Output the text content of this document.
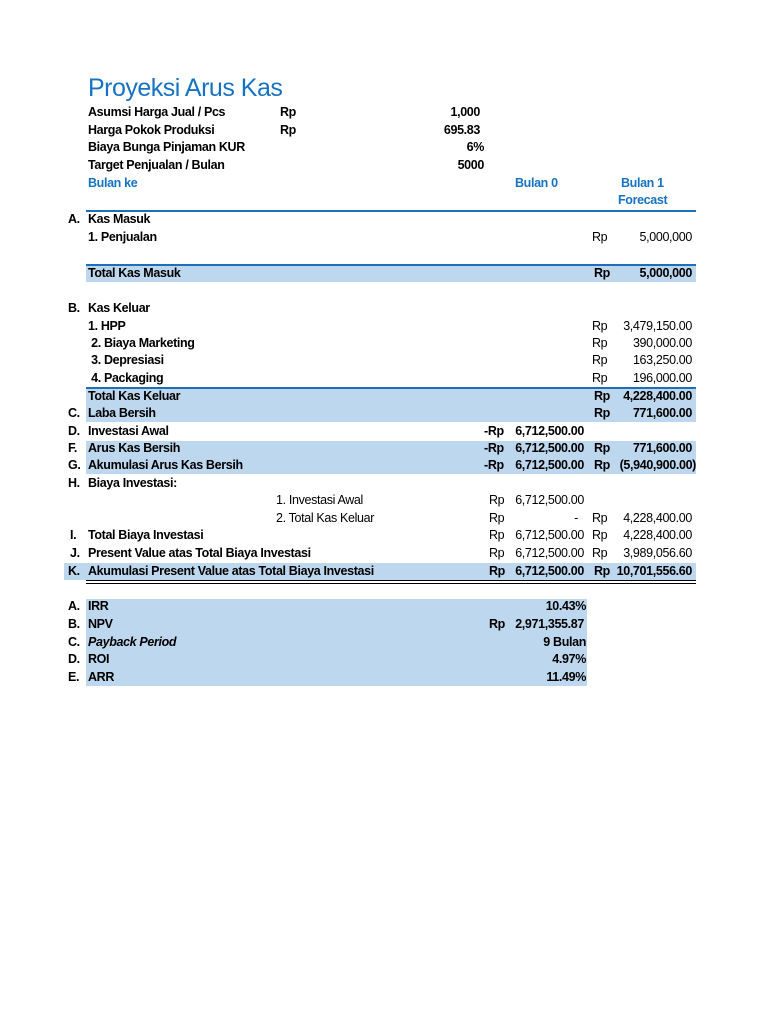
Proyeksi Arus Kas
Asumsi Harga Jual / Pcs	Rp	1,000
Harga Pokok Produksi	Rp	695.83
Biaya Bunga Pinjaman KUR	6%
Target Penjualan / Bulan	5000
Bulan ke	Bulan 0	Bulan 1
Forecast
A. Kas Masuk
1. Penjualan	Rp	5,000,000
Total Kas Masuk	Rp	5,000,000
B. Kas Keluar
1. HPP	Rp	3,479,150.00
2. Biaya Marketing	Rp	390,000.00
3. Depresiasi	Rp	163,250.00
4. Packaging	Rp	196,000.00
Total Kas Keluar	Rp	4,228,400.00
C. Laba Bersih	Rp	771,600.00
D. Investasi Awal	-Rp 6,712,500.00
F. Arus Kas Bersih	-Rp 6,712,500.00 Rp	771,600.00
G. Akumulasi Arus Kas Bersih	-Rp 6,712,500.00 Rp (5,940,900.00)
H. Biaya Investasi:
1. Investasi Awal	Rp 6,712,500.00
2. Total Kas Keluar	Rp	- Rp	4,228,400.00
I. Total Biaya Investasi	Rp 6,712,500.00 Rp	4,228,400.00
J. Present Value atas Total Biaya Investasi	Rp 6,712,500.00 Rp	3,989,056.60
K. Akumulasi Present Value atas Total Biaya Investasi	Rp 6,712,500.00 Rp 10,701,556.60
A. IRR	10.43%
B. NPV	Rp 2,971,355.87
C. Payback Period	9 Bulan
D. ROI	4.97%
E. ARR	11.49%
